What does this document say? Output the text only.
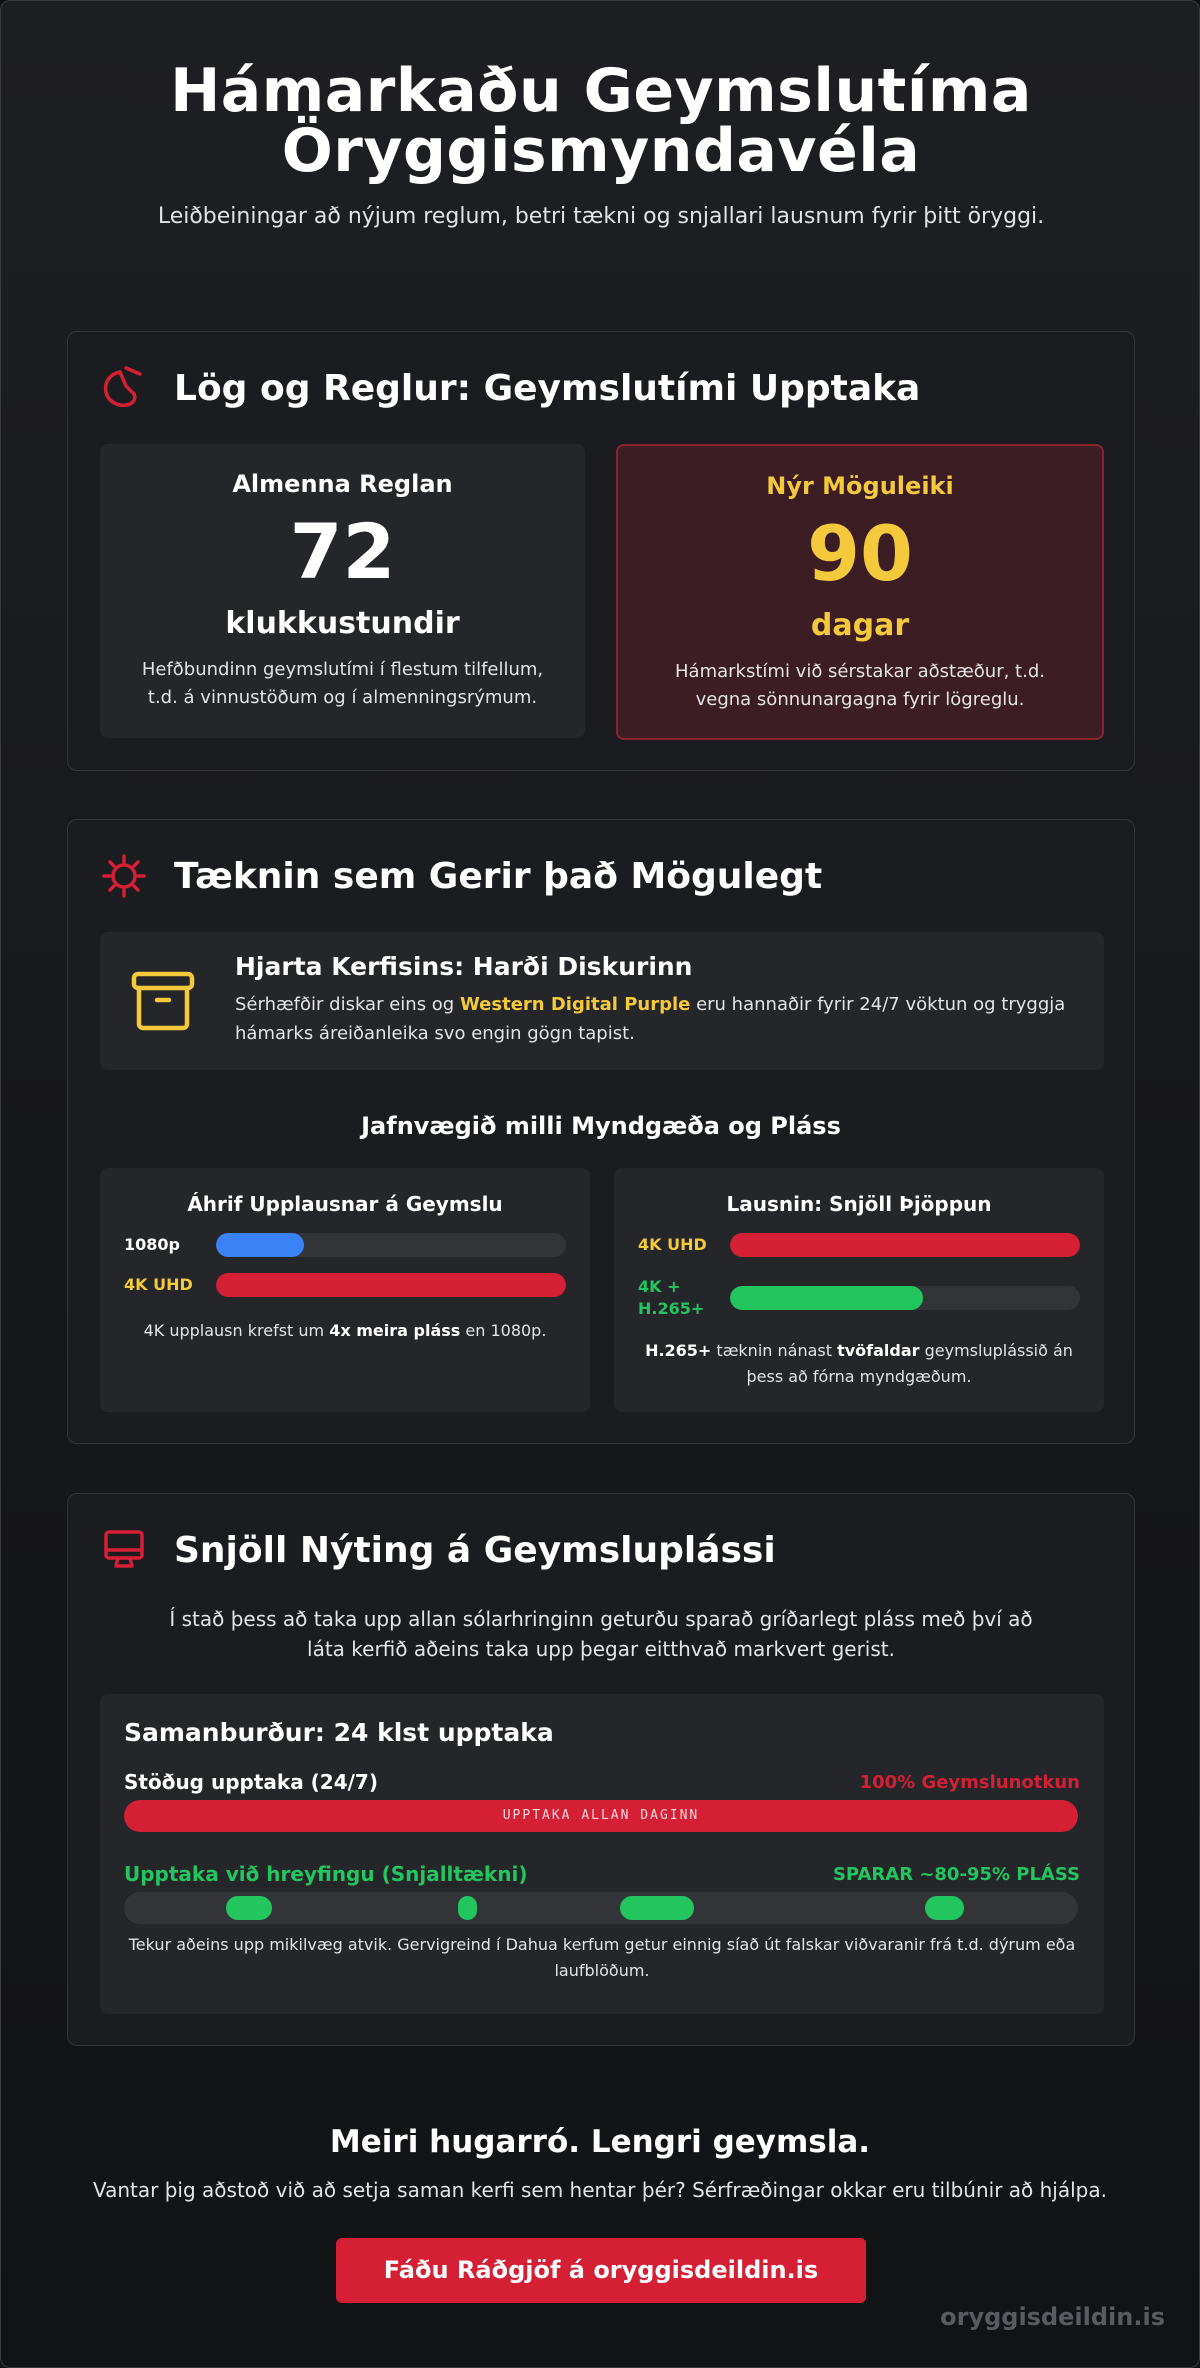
Hámarkaðu Geymslutíma Öryggismyndavéla

Leiðbeiningar að nýjum reglum, betri tækni og snjallari lausnum fyrir þitt öryggi.

Lög og Reglur: Geymslutími Upptaka
Almenna Reglan
72
klukkustundir
Hefðbundinn geymslutími í flestum tilfellum, t.d. á vinnustöðum og í almenningsrýmum.
Nýr Möguleiki
90
dagar
Hámarkstími við sérstakar aðstæður, t.d. vegna sönnunargagna fyrir lögreglu.
Tæknin sem Gerir það Mögulegt
Hjarta Kerfisins: Harði Diskurinn
Sérhæfðir diskar eins og Western Digital Purple eru hannaðir fyrir 24/7 vöktun og tryggja hámarks áreiðanleika svo engin gögn tapist.
Jafnvægið milli Myndgæða og Pláss
Áhrif Upplausnar á Geymslu
1080p
4K UHD
4K upplausn krefst um 4x meira pláss en 1080p.
Lausnin: Snjöll Þjöppun
4K UHD
4K + H.265+
H.265+ tæknin nánast tvöfaldar geymsluplássið án þess að fórna myndgæðum.
Snjöll Nýting á Geymsluplássi
Í stað þess að taka upp allan sólarhringinn geturðu sparað gríðarlegt pláss með því að láta kerfið aðeins taka upp þegar eitthvað markvert gerist.
Samanburður: 24 klst upptaka
Stöðug upptaka (24/7)	100% Geymslunotkun
UPPTAKA ALLAN DAGINN
Upptaka við hreyfingu (Snjalltækni)	SPARAR ~80-95% PLÁSS
Tekur aðeins upp mikilvæg atvik. Gervigreind í Dahua kerfum getur einnig síað út falskar viðvaranir frá t.d. dýrum eða laufblöðum.
Meiri hugarró. Lengri geymsla.
Vantar þig aðstoð við að setja saman kerfi sem hentar þér? Sérfræðingar okkar eru tilbúnir að hjálpa.
Fáðu Ráðgjöf á oryggisdeildin.is
oryggisdeildin.is
